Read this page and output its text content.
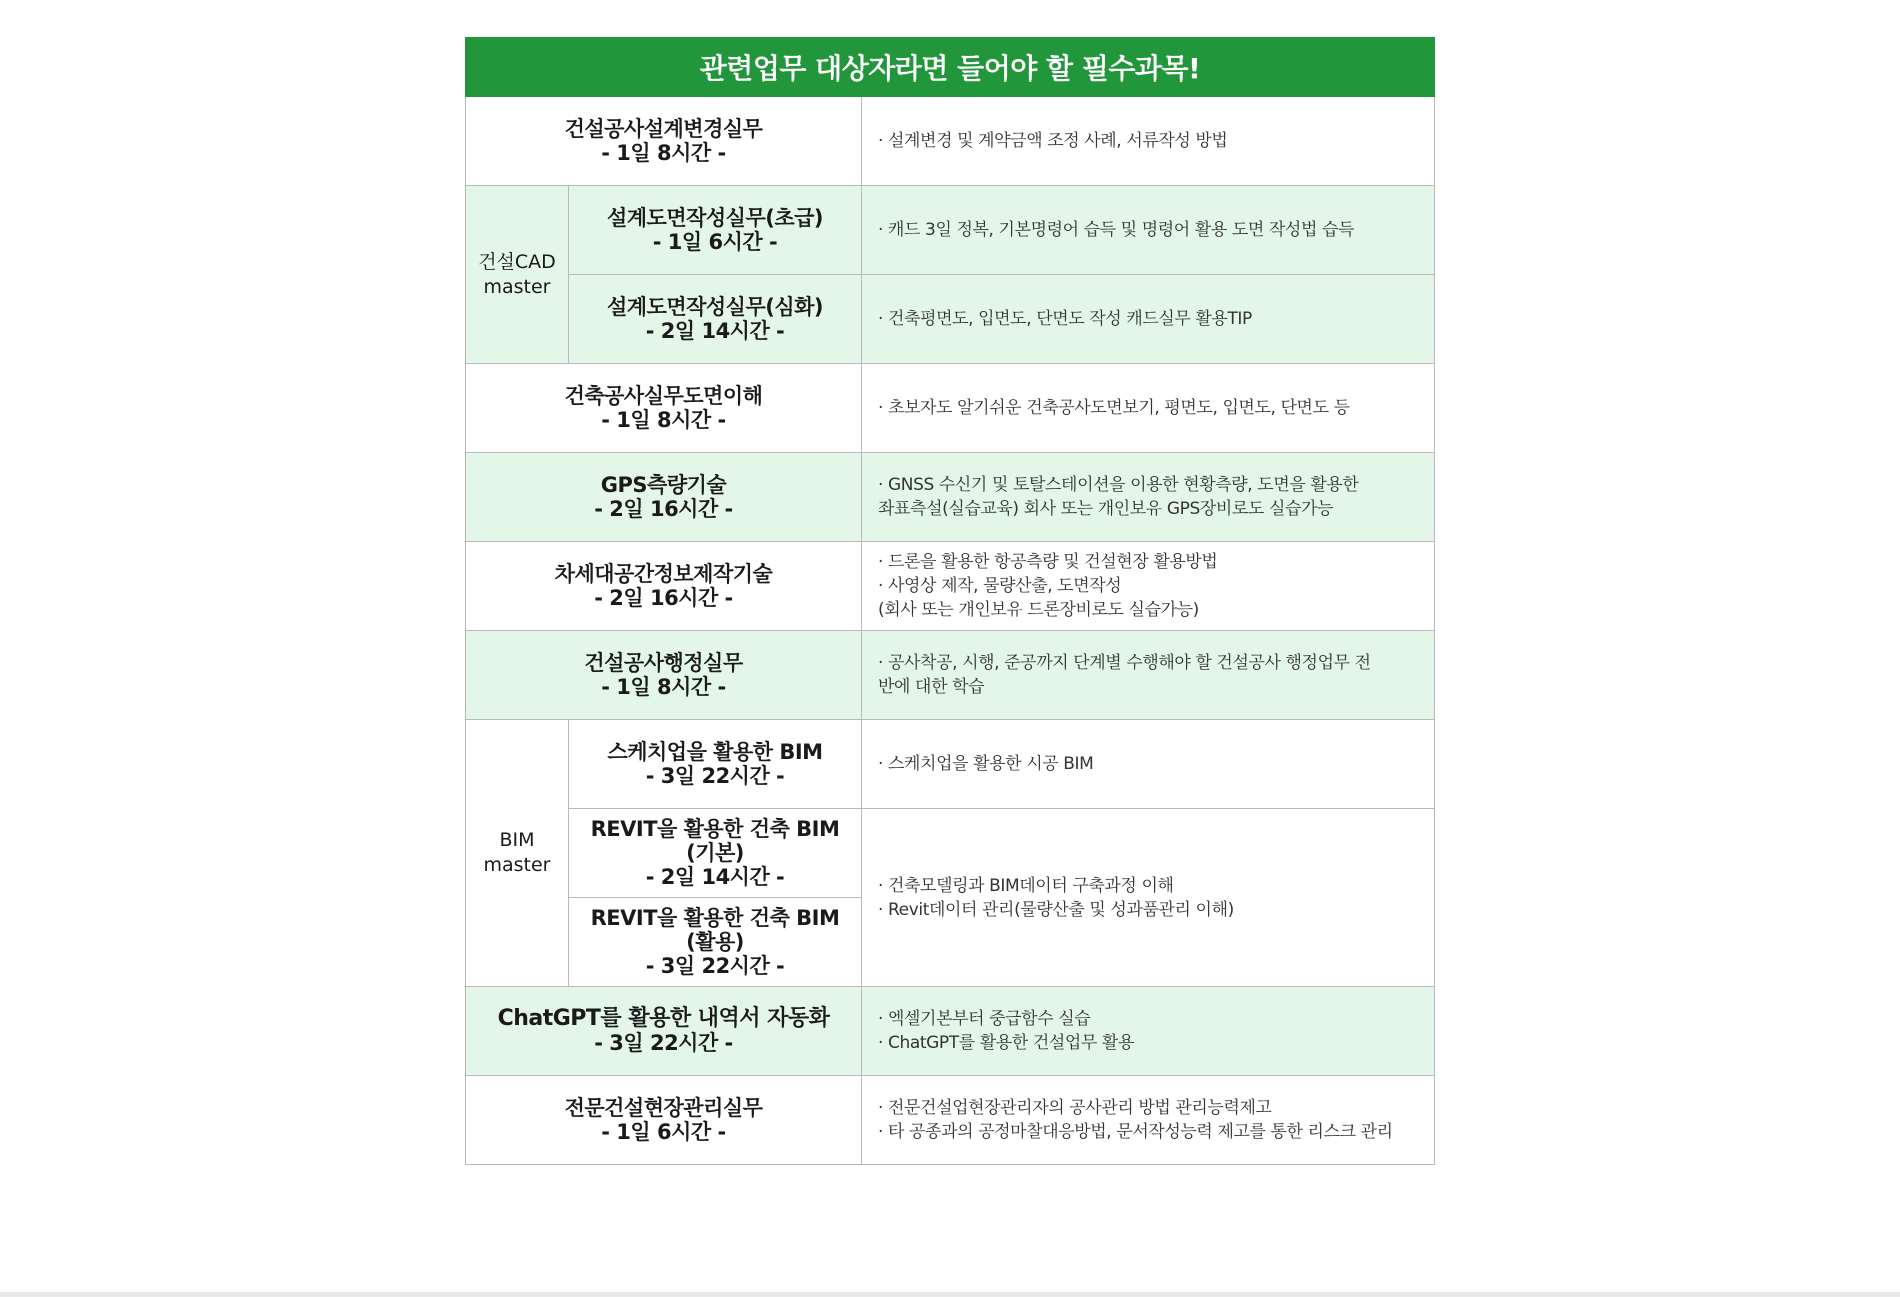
관련업무 대상자라면 들어야 할 필수과목!		

건설공사설계변경실무
- 1일 8시간 -		· 설계변경 및 계약금액 조정 사례, 서류작성 방법

건설CAD
master	설계도면작성실무(초급)
- 1일 6시간 -	· 캐드 3일 정복, 기본명령어 습득 및 명령어 활용 도면 작성법 습득

	설계도면작성실무(심화)
- 2일 14시간 -	· 건축평면도, 입면도, 단면도 작성 캐드실무 활용TIP

건축공사실무도면이해
- 1일 8시간 -		· 초보자도 알기쉬운 건축공사도면보기, 평면도, 입면도, 단면도 등

GPS측량기술
- 2일 16시간 -		· GNSS 수신기 및 토탈스테이션을 이용한 현황측량, 도면을 활용한
좌표측설(실습교육) 회사 또는 개인보유 GPS장비로도 실습가능

차세대공간정보제작기술
- 2일 16시간 -		· 드론을 활용한 항공측량 및 건설현장 활용방법
· 사영상 제작, 물량산출, 도면작성
(회사 또는 개인보유 드론장비로도 실습가능)

건설공사행정실무
- 1일 8시간 -		· 공사착공, 시행, 준공까지 단계별 수행해야 할 건설공사 행정업무 전
반에 대한 학습

BIM
master	스케치업을 활용한 BIM
- 3일 22시간 -	· 스케치업을 활용한 시공 BIM

	REVIT을 활용한 건축 BIM
(기본)
- 2일 14시간 -	· 건축모델링과 BIM데이터 구축과정 이해
· Revit데이터 관리(물량산출 및 성과품관리 이해)

	REVIT을 활용한 건축 BIM
(활용)
- 3일 22시간 -	

ChatGPT를 활용한 내역서 자동화
- 3일 22시간 -		· 엑셀기본부터 중급함수 실습
· ChatGPT를 활용한 건설업무 활용

전문건설현장관리실무
- 1일 6시간 -		· 전문건설업현장관리자의 공사관리 방법 관리능력제고
· 타 공종과의 공정마찰대응방법, 문서작성능력 제고를 통한 리스크 관리
